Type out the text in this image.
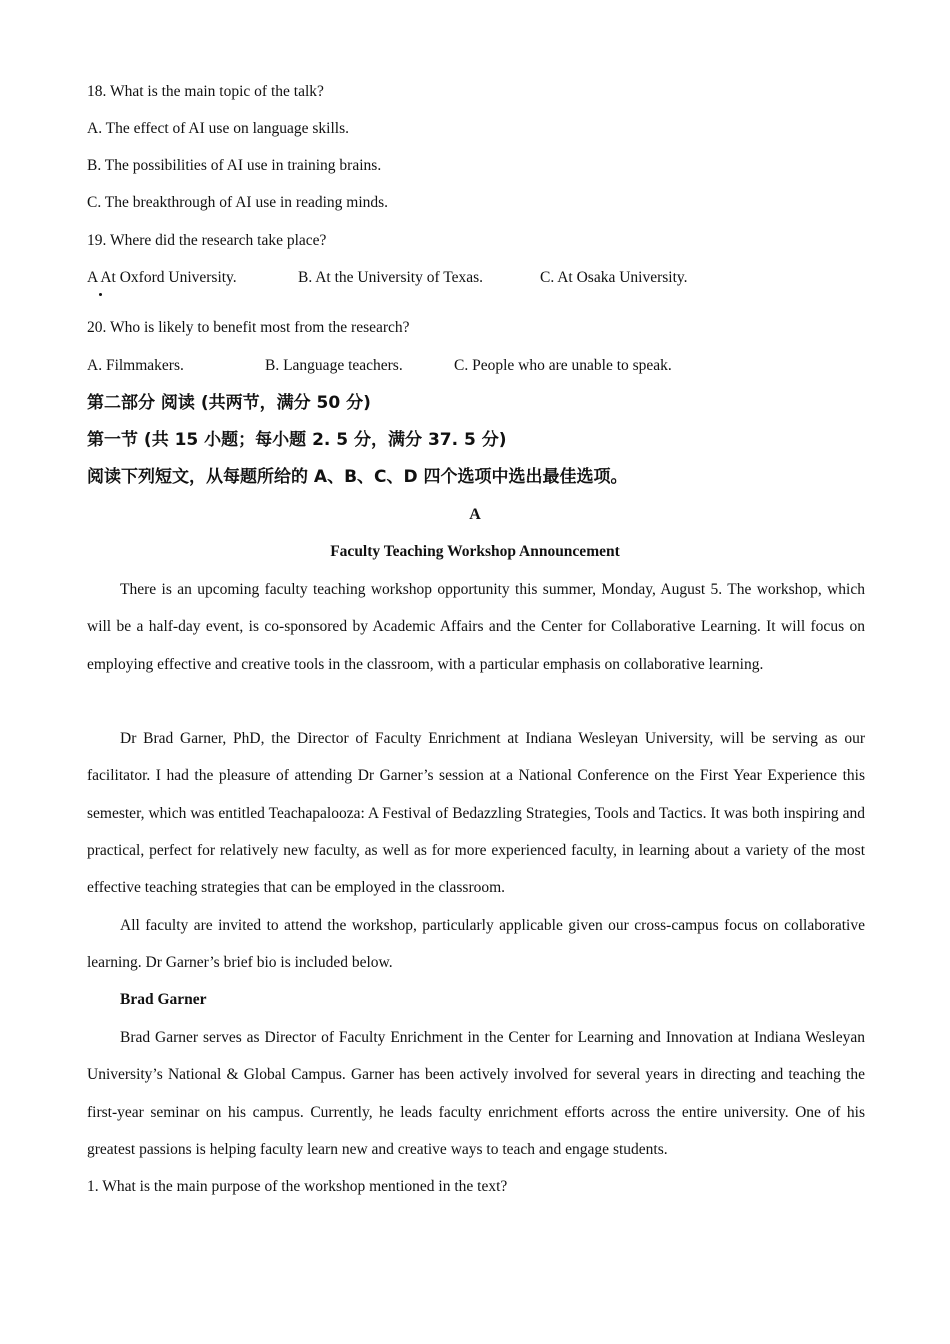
18. What is the main topic of the talk?
A. The effect of AI use on language skills.
B. The possibilities of AI use in training brains.
C. The breakthrough of AI use in reading minds.
19. Where did the research take place?
A At Oxford University.	B. At the University of Texas.	C. At Osaka University.
20. Who is likely to benefit most from the research?
A. Filmmakers.	B. Language teachers.	C. People who are unable to speak.
第二部分 阅读 (共两节，满分 50 分)
第一节 (共 15 小题；每小题 2. 5 分，满分 37. 5 分)
阅读下列短文，从每题所给的 A、B、C、D 四个选项中选出最佳选项。
A
Faculty Teaching Workshop Announcement
There is an upcoming faculty teaching workshop opportunity this summer, Monday, August 5. The workshop, which will be a half-day event, is co-sponsored by Academic Affairs and the Center for Collaborative Learning. It will focus on employing effective and creative tools in the classroom, with a particular emphasis on collaborative learning.
Dr Brad Garner, PhD, the Director of Faculty Enrichment at Indiana Wesleyan University, will be serving as our facilitator. I had the pleasure of attending Dr Garner’s session at a National Conference on the First Year Experience this semester, which was entitled Teachapalooza: A Festival of Bedazzling Strategies, Tools and Tactics. It was both inspiring and practical, perfect for relatively new faculty, as well as for more experienced faculty, in learning about a variety of the most effective teaching strategies that can be employed in the classroom.
All faculty are invited to attend the workshop, particularly applicable given our cross-campus focus on collaborative learning. Dr Garner’s brief bio is included below.
Brad Garner
Brad Garner serves as Director of Faculty Enrichment in the Center for Learning and Innovation at Indiana Wesleyan University’s National & Global Campus. Garner has been actively involved for several years in directing and teaching the first-year seminar on his campus. Currently, he leads faculty enrichment efforts across the entire university. One of his greatest passions is helping faculty learn new and creative ways to teach and engage students.
1. What is the main purpose of the workshop mentioned in the text?
